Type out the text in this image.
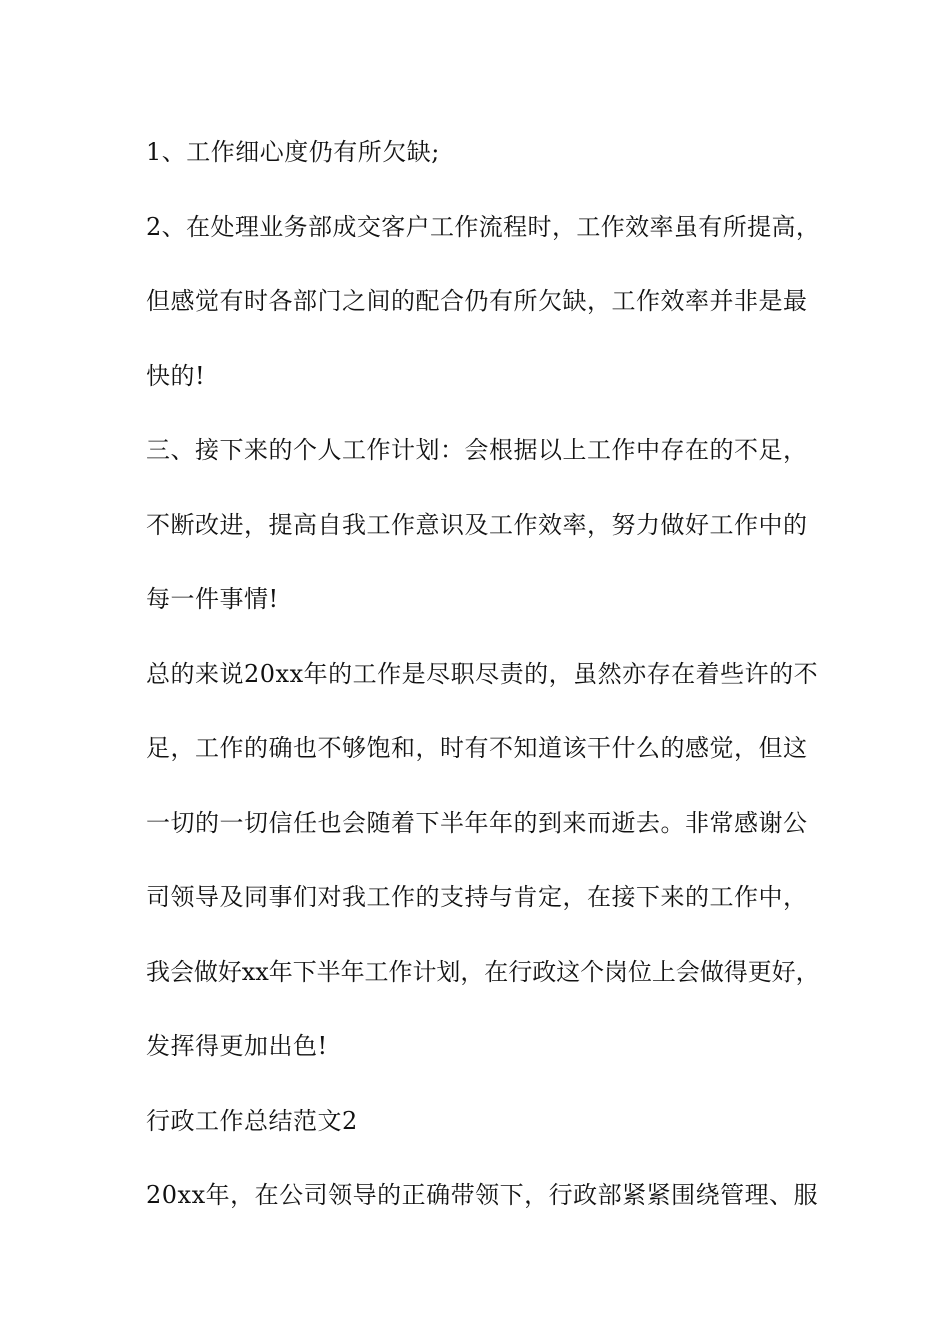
1、工作细心度仍有所欠缺;
2、在处理业务部成交客户工作流程时，工作效率虽有所提高，
但感觉有时各部门之间的配合仍有所欠缺，工作效率并非是最
快的!
三、接下来的个人工作计划：会根据以上工作中存在的不足，
不断改进，提高自我工作意识及工作效率，努力做好工作中的
每一件事情!
总的来说20xx年的工作是尽职尽责的，虽然亦存在着些许的不
足，工作的确也不够饱和，时有不知道该干什么的感觉，但这
一切的一切信任也会随着下半年年的到来而逝去。非常感谢公
司领导及同事们对我工作的支持与肯定，在接下来的工作中，
我会做好xx年下半年工作计划，在行政这个岗位上会做得更好，
发挥得更加出色!
行政工作总结范文2
20xx年，在公司领导的正确带领下，行政部紧紧围绕管理、服
